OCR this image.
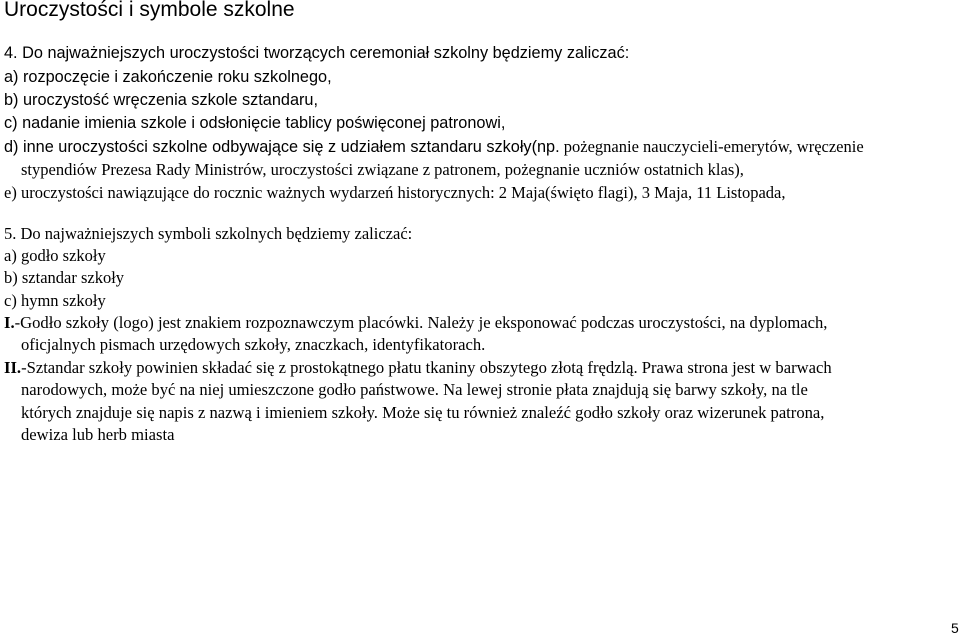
Uroczystości i symbole szkolne
4. Do najważniejszych uroczystości tworzących ceremoniał szkolny będziemy zaliczać:
a) rozpoczęcie i zakończenie roku szkolnego,
b) uroczystość wręczenia szkole sztandaru,
c) nadanie imienia szkole i odsłonięcie tablicy poświęconej patronowi,
d) inne uroczystości szkolne odbywające się z udziałem sztandaru szkoły(np. pożegnanie nauczycieli-emerytów, wręczenie
stypendiów Prezesa Rady Ministrów, uroczystości związane z patronem, pożegnanie uczniów ostatnich klas),
e) uroczystości nawiązujące do rocznic ważnych wydarzeń historycznych: 2 Maja(święto flagi), 3 Maja, 11 Listopada,
5. Do najważniejszych symboli szkolnych będziemy zaliczać:
a) godło szkoły
b) sztandar szkoły
c) hymn szkoły
I.-Godło szkoły (logo) jest znakiem rozpoznawczym placówki. Należy je eksponować podczas uroczystości, na dyplomach,
oficjalnych pismach urzędowych szkoły, znaczkach, identyfikatorach.
II.-Sztandar szkoły powinien składać się z prostokątnego płatu tkaniny obszytego złotą frędzlą. Prawa strona jest w barwach
narodowych, może być na niej umieszczone godło państwowe. Na lewej stronie płata znajdują się barwy szkoły, na tle
których znajduje się napis z nazwą i imieniem szkoły. Może się tu również znaleźć godło szkoły oraz wizerunek patrona,
dewiza lub herb miasta
5
